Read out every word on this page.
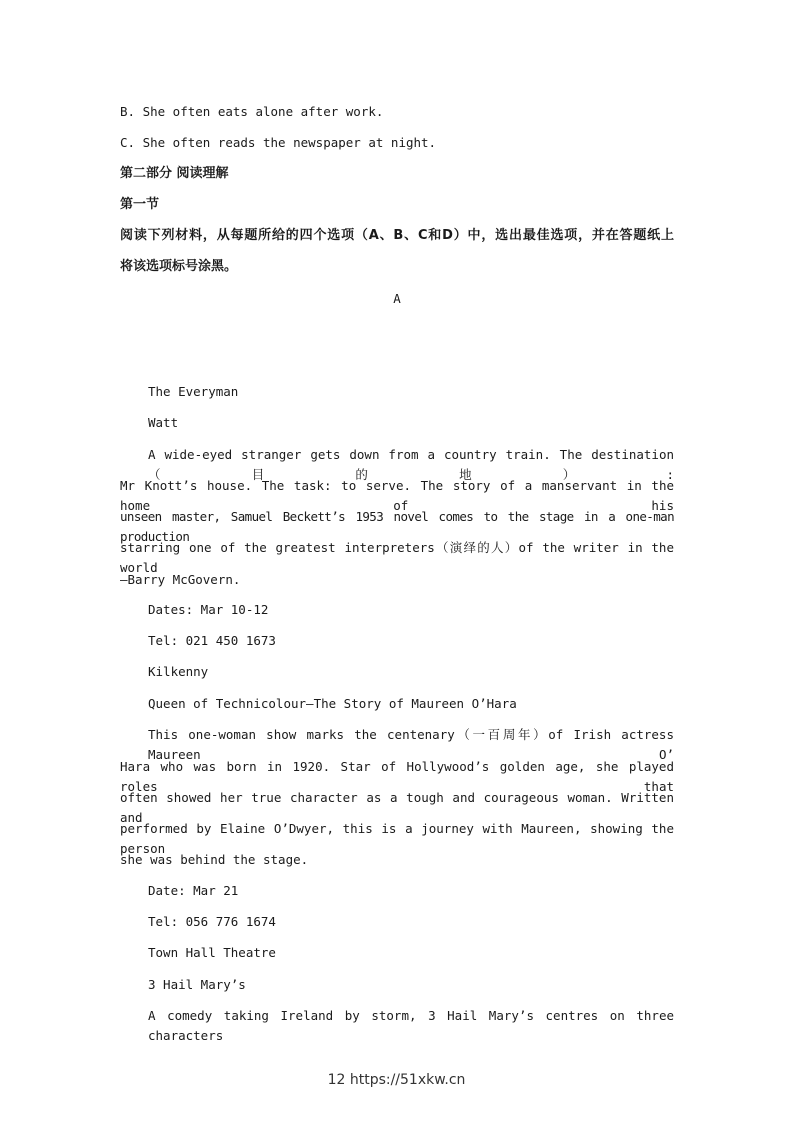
B. She often eats alone after work.
C. She often reads the newspaper at night.
第二部分 阅读理解
第一节
阅读下列材料，从每题所给的四个选项（A、B、C和D）中，选出最佳选项，并在答题纸上
将该选项标号涂黑。
A
The Everyman
Watt
A wide-eyed stranger gets down from a country train. The destination（目的地）:
Mr Knott’s house. The task: to serve. The story of a manservant in the home of his
unseen master, Samuel Beckett’s 1953 novel comes to the stage in a one-man production
starring one of the greatest interpreters（演绎的人）of the writer in the world
—Barry McGovern.
Dates: Mar 10-12
Tel: 021 450 1673
Kilkenny
Queen of Technicolour—The Story of Maureen O’Hara
This one-woman show marks the centenary（一百周年）of Irish actress Maureen O’
Hara who was born in 1920. Star of Hollywood’s golden age, she played roles that
often showed her true character as a tough and courageous woman. Written and
performed by Elaine O’Dwyer, this is a journey with Maureen, showing the person
she was behind the stage.
Date: Mar 21
Tel: 056 776 1674
Town Hall Theatre
3 Hail Mary’s
A comedy taking Ireland by storm, 3 Hail Mary’s centres on three characters
12 https://51xkw.cn
